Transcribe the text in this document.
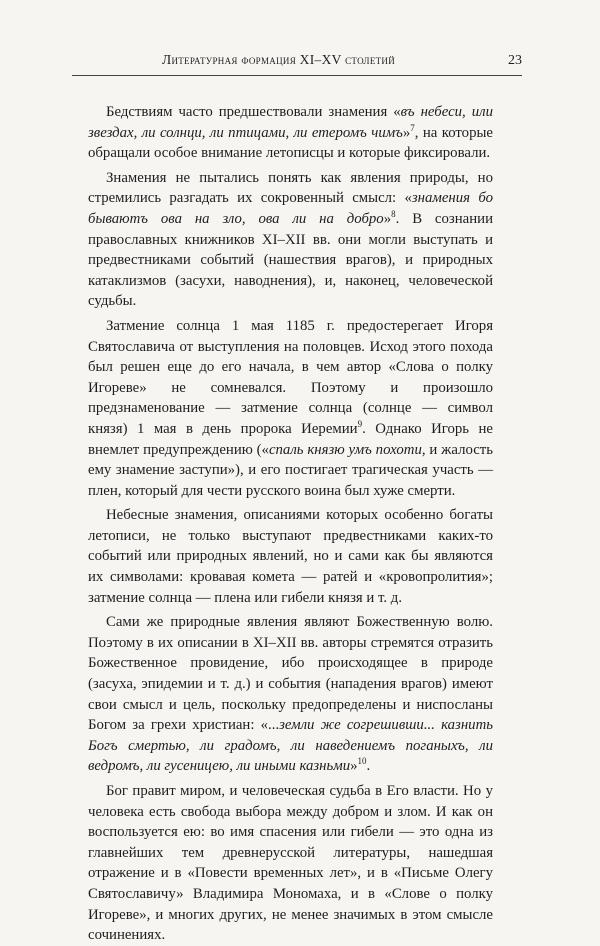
Литературная формация XI–XV столетий	23

Бедствиям часто предшествовали знамения «въ небеси, или звездах, ли солнци, ли птицами, ли етеромъ чимъ»$^7$, на которые обращали особое внимание летописцы и которые фиксировали.

Знамения не пытались понять как явления природы, но стремились разгадать их сокровенный смысл: «знамения бо бываютъ ова на зло, ова ли на добро»$^8$. В сознании православных книжников XI–XII вв. они могли выступать и предвестниками событий (нашествия врагов), и природных катаклизмов (засухи, наводнения), и, наконец, человеческой судьбы.

Затмение солнца 1 мая 1185 г. предостерегает Игоря Святославича от выступления на половцев. Исход этого похода был решен еще до его начала, в чем автор «Слова о полку Игореве» не сомневался. Поэтому и произошло предзнаменование — затмение солнца (солнце — символ князя) 1 мая в день пророка Иеремии$^9$. Однако Игорь не внемлет предупреждению («спаль князю умъ похоти, и жалость ему знамение заступи»), и его постигает трагическая участь — плен, который для чести русского воина был хуже смерти.

Небесные знамения, описаниями которых особенно богаты летописи, не только выступают предвестниками каких-то событий или природных явлений, но и сами как бы являются их символами: кровавая комета — ратей и «кровопролития»; затмение солнца — плена или гибели князя и т. д.

Сами же природные явления являют Божественную волю. Поэтому в их описании в XI–XII вв. авторы стремятся отразить Божественное провидение, ибо происходящее в природе (засуха, эпидемии и т. д.) и события (нападения врагов) имеют свои смысл и цель, поскольку предопределены и ниспосланы Богом за грехи христиан: «...земли же согрешивши... казнить Богъ смертью, ли градомъ, ли наведениемъ поганыхъ, ли ведромъ, ли гусеницею, ли иными казньми»$^{10}$.

Бог правит миром, и человеческая судьба в Его власти. Но у человека есть свобода выбора между добром и злом. И как он воспользуется ею: во имя спасения или гибели — это одна из главнейших тем древнерусской литературы, нашедшая отражение и в «Повести временных лет», и в «Письме Олегу Святославичу» Владимира Мономаха, и в «Слове о полку Игореве», и многих других, не менее значимых в этом смысле сочинениях.
